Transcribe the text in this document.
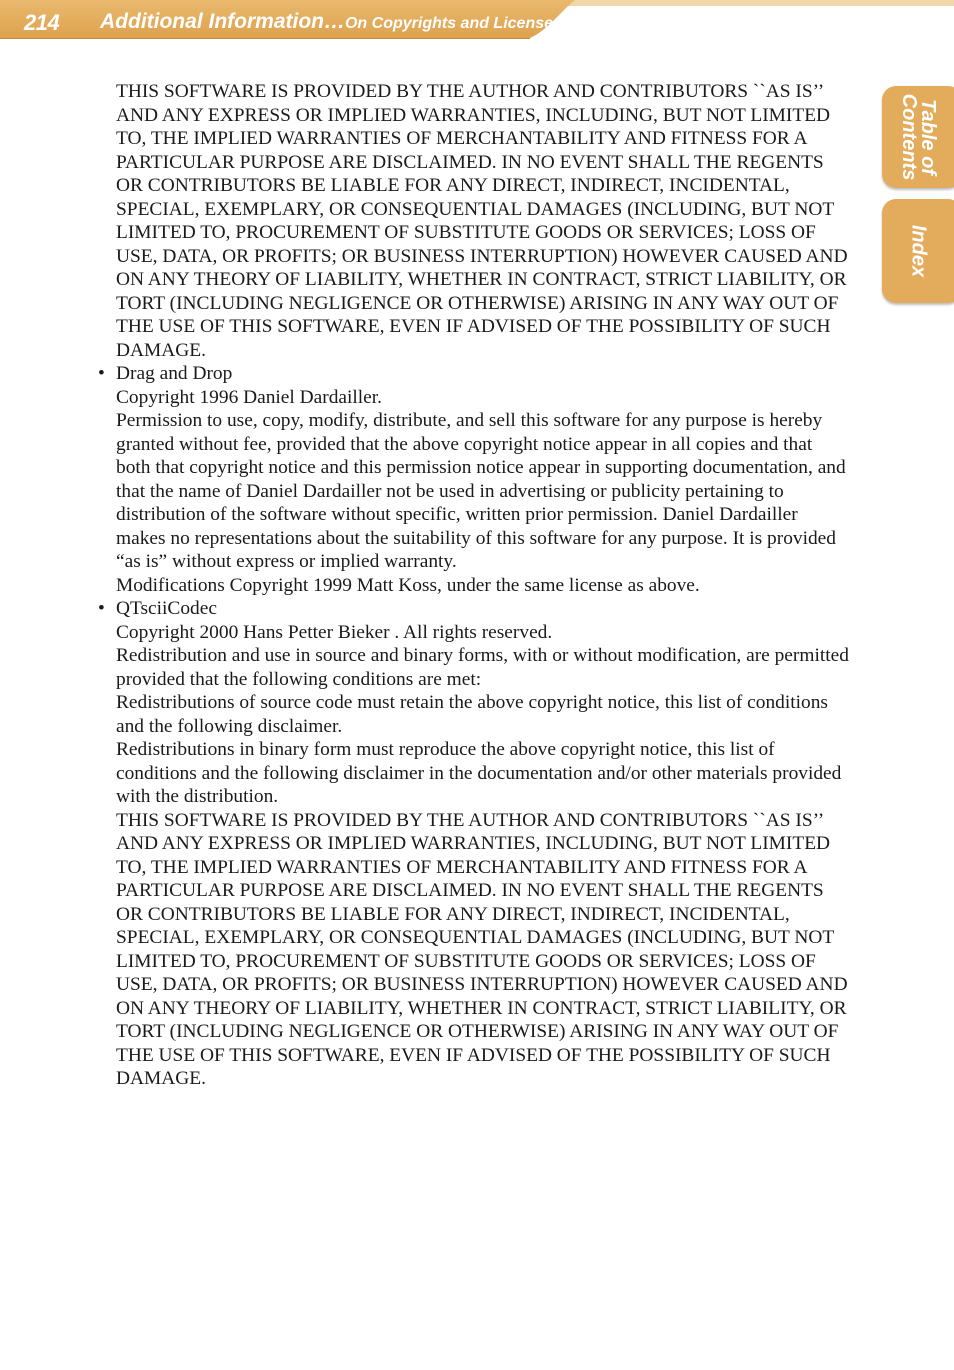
214 Additional Information…On Copyrights and Licenses
Table of
Contents
Index

THIS SOFTWARE IS PROVIDED BY THE AUTHOR AND CONTRIBUTORS ``AS IS’’ AND ANY EXPRESS OR IMPLIED WARRANTIES, INCLUDING, BUT NOT LIMITED TO, THE IMPLIED WARRANTIES OF MERCHANTABILITY AND FITNESS FOR A PARTICULAR PURPOSE ARE DISCLAIMED. IN NO EVENT SHALL THE REGENTS OR CONTRIBUTORS BE LIABLE FOR ANY DIRECT, INDIRECT, INCIDENTAL, SPECIAL, EXEMPLARY, OR CONSEQUENTIAL DAMAGES (INCLUDING, BUT NOT LIMITED TO, PROCUREMENT OF SUBSTITUTE GOODS OR SERVICES; LOSS OF USE, DATA, OR PROFITS; OR BUSINESS INTERRUPTION) HOWEVER CAUSED AND ON ANY THEORY OF LIABILITY, WHETHER IN CONTRACT, STRICT LIABILITY, OR TORT (INCLUDING NEGLIGENCE OR OTHERWISE) ARISING IN ANY WAY OUT OF THE USE OF THIS SOFTWARE, EVEN IF ADVISED OF THE POSSIBILITY OF SUCH DAMAGE.

• Drag and Drop

Copyright 1996 Daniel Dardailler.

Permission to use, copy, modify, distribute, and sell this software for any purpose is hereby granted without fee, provided that the above copyright notice appear in all copies and that both that copyright notice and this permission notice appear in supporting documentation, and that the name of Daniel Dardailler not be used in advertising or publicity pertaining to distribution of the software without specific, written prior permission. Daniel Dardailler makes no representations about the suitability of this software for any purpose. It is provided “as is” without express or implied warranty.

Modifications Copyright 1999 Matt Koss, under the same license as above.

• QTsciiCodec

Copyright 2000 Hans Petter Bieker . All rights reserved.

Redistribution and use in source and binary forms, with or without modification, are permitted provided that the following conditions are met:

Redistributions of source code must retain the above copyright notice, this list of conditions and the following disclaimer.

Redistributions in binary form must reproduce the above copyright notice, this list of conditions and the following disclaimer in the documentation and/or other materials provided with the distribution.

THIS SOFTWARE IS PROVIDED BY THE AUTHOR AND CONTRIBUTORS ``AS IS’’ AND ANY EXPRESS OR IMPLIED WARRANTIES, INCLUDING, BUT NOT LIMITED TO, THE IMPLIED WARRANTIES OF MERCHANTABILITY AND FITNESS FOR A PARTICULAR PURPOSE ARE DISCLAIMED. IN NO EVENT SHALL THE REGENTS OR CONTRIBUTORS BE LIABLE FOR ANY DIRECT, INDIRECT, INCIDENTAL, SPECIAL, EXEMPLARY, OR CONSEQUENTIAL DAMAGES (INCLUDING, BUT NOT LIMITED TO, PROCUREMENT OF SUBSTITUTE GOODS OR SERVICES; LOSS OF USE, DATA, OR PROFITS; OR BUSINESS INTERRUPTION) HOWEVER CAUSED AND ON ANY THEORY OF LIABILITY, WHETHER IN CONTRACT, STRICT LIABILITY, OR TORT (INCLUDING NEGLIGENCE OR OTHERWISE) ARISING IN ANY WAY OUT OF THE USE OF THIS SOFTWARE, EVEN IF ADVISED OF THE POSSIBILITY OF SUCH DAMAGE.
